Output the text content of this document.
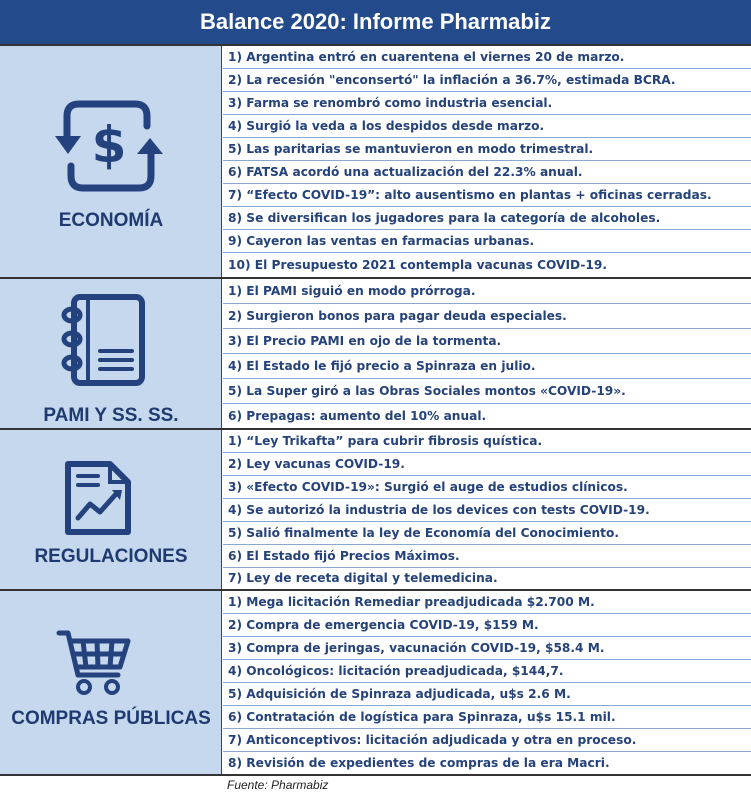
Balance 2020: Informe Pharmabiz
$
ECONOMÍA
1) Argentina entró en cuarentena el viernes 20 de marzo.
2) La recesión "enconsertó" la inflación a 36.7%, estimada BCRA.
3) Farma se renombró como industria esencial.
4) Surgió la veda a los despidos desde marzo.
5) Las paritarias se mantuvieron en modo trimestral.
6) FATSA acordó una actualización del 22.3% anual.
7) “Efecto COVID-19”: alto ausentismo en plantas + oficinas cerradas.
8) Se diversifican los jugadores para la categoría de alcoholes.
9) Cayeron las ventas en farmacias urbanas.
10) El Presupuesto 2021 contempla vacunas COVID-19.
PAMI Y SS. SS.
1) El PAMI siguió en modo prórroga.
2) Surgieron bonos para pagar deuda especiales.
3) El Precio PAMI en ojo de la tormenta.
4) El Estado le fijó precio a Spinraza en julio.
5) La Super giró a las Obras Sociales montos «COVID-19».
6) Prepagas: aumento del 10% anual.
REGULACIONES
1) “Ley Trikafta” para cubrir fibrosis quística.
2) Ley vacunas COVID-19.
3) «Efecto COVID-19»: Surgió el auge de estudios clínicos.
4) Se autorizó la industria de los devices con tests COVID-19.
5) Salió finalmente la ley de Economía del Conocimiento.
6) El Estado fijó Precios Máximos.
7) Ley de receta digital y telemedicina.
COMPRAS PÚBLICAS
1) Mega licitación Remediar preadjudicada $2.700 M.
2) Compra de emergencia COVID-19, $159 M.
3) Compra de jeringas, vacunación COVID-19, $58.4 M.
4) Oncológicos: licitación preadjudicada, $144,7.
5) Adquisición de Spinraza adjudicada, u$s 2.6 M.
6) Contratación de logística para Spinraza, u$s 15.1 mil.
7) Anticonceptivos: licitación adjudicada y otra en proceso.
8) Revisión de expedientes de compras de la era Macri.
Fuente: Pharmabiz
